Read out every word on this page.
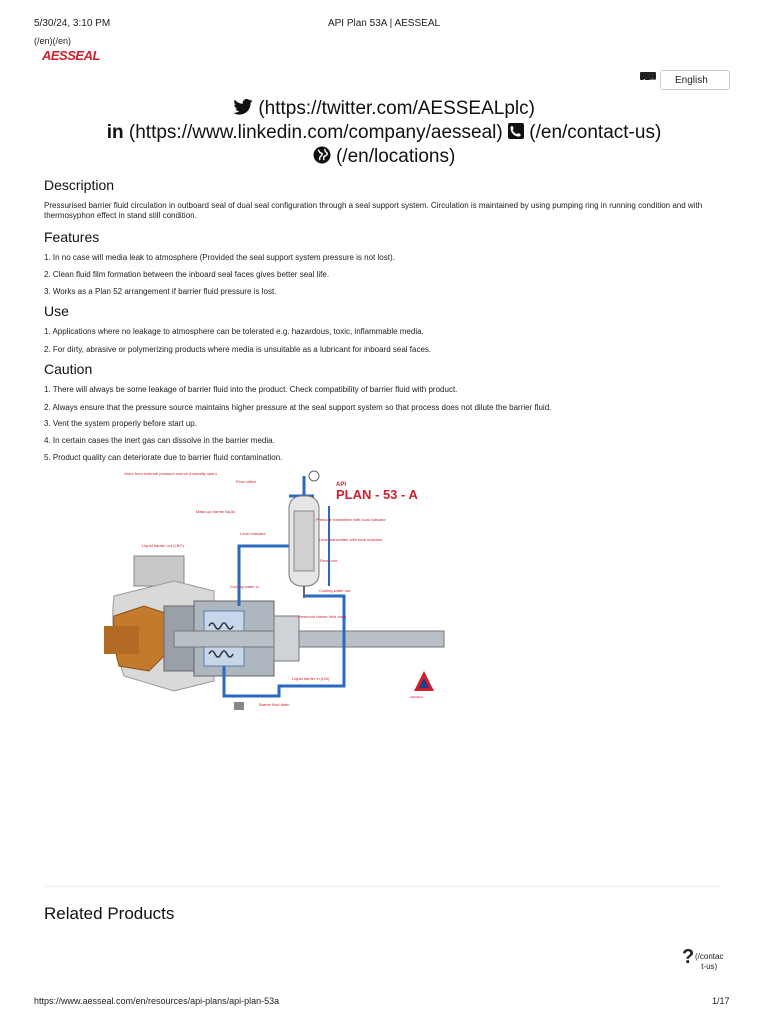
5/30/24, 3:10 PM	API Plan 53A | AESSEAL
(/en)(/en)
AESSEAL
A 文	English
(https://twitter.com/AESSEALplc)
in (https://www.linkedin.com/company/aesseal) (/en/contact-us)
(/en/locations)
Description
Pressurised barrier fluid circulation in outboard seal of dual seal configuration through a seal support system. Circulation is maintained by using pumping ring in running condition and with thermosyphon effect in stand still condition.
Features
1. In no case will media leak to atmosphere (Provided the seal support system pressure is not lost).
2. Clean fluid film formation between the inboard seal faces gives better seal life.
3. Works as a Plan 52 arrangement if barrier fluid pressure is lost.
Use
1. Applications where no leakage to atmosphere can be tolerated e.g. hazardous, toxic, inflammable media.
2. For dirty, abrasive or polymerizing products where media is unsuitable as a lubricant for inboard seal faces.
Caution
1. There will always be some leakage of barrier fluid into the product. Check compatibility of barrier fluid with product.
2. Always ensure that the pressure source maintains higher pressure at the seal support system so that process does not dilute the barrier fluid.
3. Vent the system properly before start up.
4. In certain cases the inert gas can dissolve in the barrier media.
5. Product quality can deteriorate due to barrier fluid contamination.
API
PLAN - 53 - A
Valve from external pressure source (normally open)
Flow orifice
Make-up barrier liquid
Pressure transmitter with local indicator
Level indicator
Level transmitter with local indicator
Liquid barrier out (LBO)
Reservoir
Cooling water in
Cooling water out
Reservoir barrier fluid drain
Liquid barrier in (LBI)
Barrier fluid drain
AESSEAL
Related Products
?(/contact-us)
https://www.aesseal.com/en/resources/api-plans/api-plan-53a	1/17
